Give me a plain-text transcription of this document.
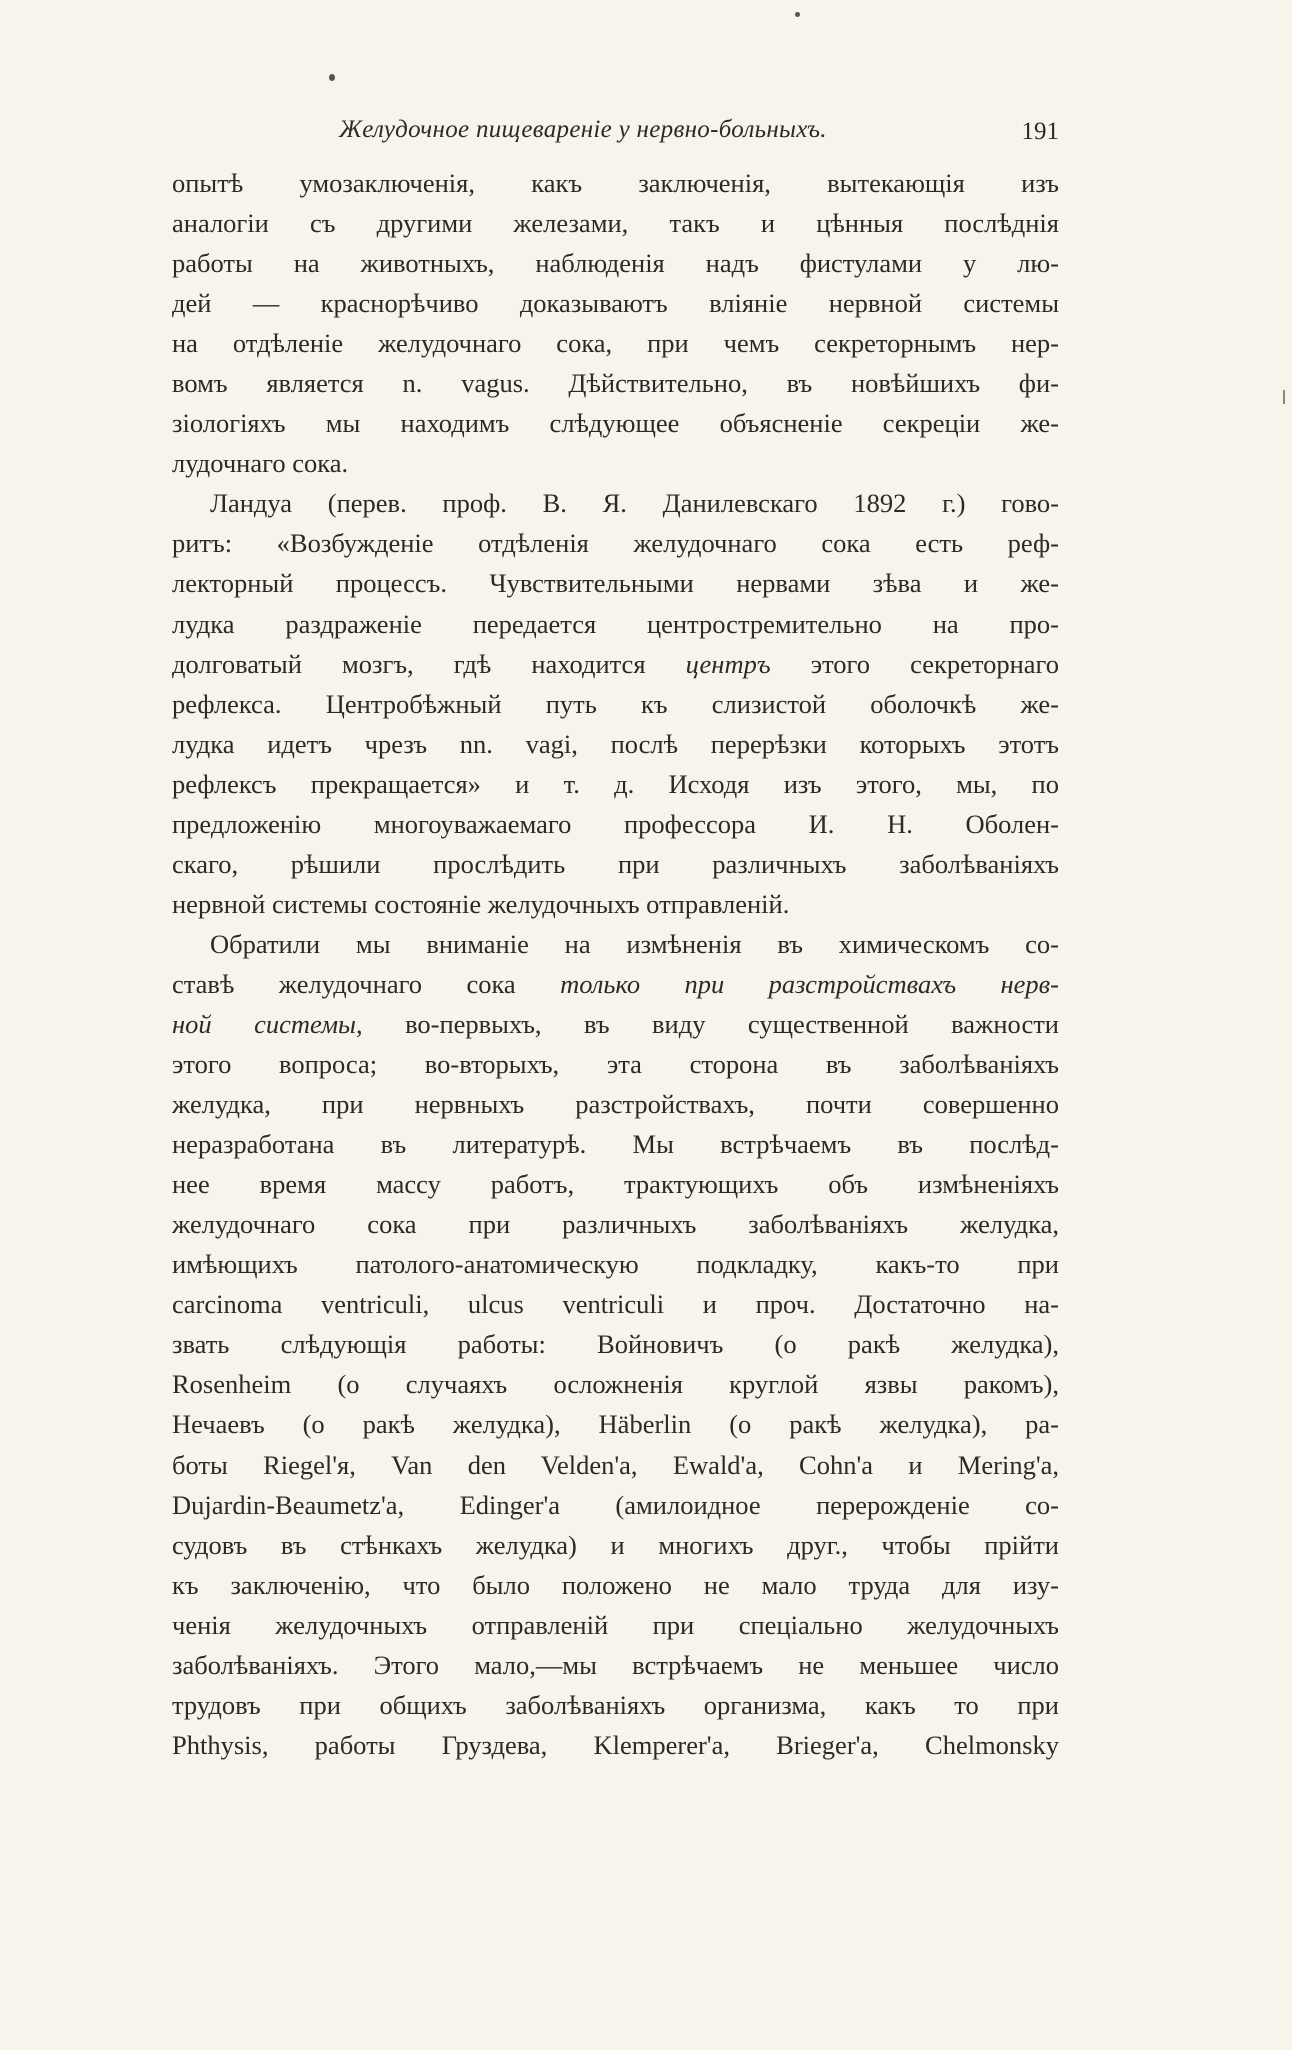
Желудочное пищевареніе у нервно-больныхъ.	191
опытѣ умозаключенія, какъ заключенія, вытекающія изъ
аналогіи съ другими железами, такъ и цѣнныя послѣднія
работы на животныхъ, наблюденія надъ фистулами у лю-
дей — краснорѣчиво доказываютъ вліяніе нервной системы
на отдѣленіе желудочнаго сока, при чемъ секреторнымъ нер-
вомъ является n. vagus. Дѣйствительно, въ новѣйшихъ фи-
зіологіяхъ мы находимъ слѣдующее объясненіе секреціи же-
лудочнаго сока.
Ландуа (перев. проф. В. Я. Данилевскаго 1892 г.) гово-
ритъ: «Возбужденіе отдѣленія желудочнаго сока есть реф-
лекторный процессъ. Чувствительными нервами зѣва и же-
лудка раздраженіе передается центростремительно на про-
долговатый мозгъ, гдѣ находится центръ этого секреторнаго
рефлекса. Центробѣжный путь къ слизистой оболочкѣ же-
лудка идетъ чрезъ nn. vagi, послѣ перерѣзки которыхъ этотъ
рефлексъ прекращается» и т. д. Исходя изъ этого, мы, по
предложенію многоуважаемаго профессора И. Н. Оболен-
скаго, рѣшили прослѣдить при различныхъ заболѣваніяхъ
нервной системы состояніе желудочныхъ отправленій.
Обратили мы вниманіе на измѣненія въ химическомъ со-
ставѣ желудочнаго сока только при разстройствахъ нерв-
ной системы, во-первыхъ, въ виду существенной важности
этого вопроса; во-вторыхъ, эта сторона въ заболѣваніяхъ
желудка, при нервныхъ разстройствахъ, почти совершенно
неразработана въ литературѣ. Мы встрѣчаемъ въ послѣд-
нее время массу работъ, трактующихъ объ измѣненіяхъ
желудочнаго сока при различныхъ заболѣваніяхъ желудка,
имѣющихъ патолого-анатомическую подкладку, какъ-то при
carcinoma ventriculi, ulcus ventriculi и проч. Достаточно на-
звать слѣдующія работы: Войновичъ (о ракѣ желудка),
Rosenheim (о случаяхъ осложненія круглой язвы ракомъ),
Нечаевъ (о ракѣ желудка), Häberlin (о ракѣ желудка), ра-
боты Riegel'я, Van den Velden'а, Ewald'а, Cohn'а и Mering'а,
Dujardin-Beaumetz'а, Edinger'а (амилоидное перерожденіе со-
судовъ въ стѣнкахъ желудка) и многихъ друг., чтобы прійти
къ заключенію, что было положено не мало труда для изу-
ченія желудочныхъ отправленій при спеціально желудочныхъ
заболѣваніяхъ. Этого мало,—мы встрѣчаемъ не меньшее число
трудовъ при общихъ заболѣваніяхъ организма, какъ то при
Phthysis, работы Груздева, Klemperer'а, Brieger'а, Chelmonsky
